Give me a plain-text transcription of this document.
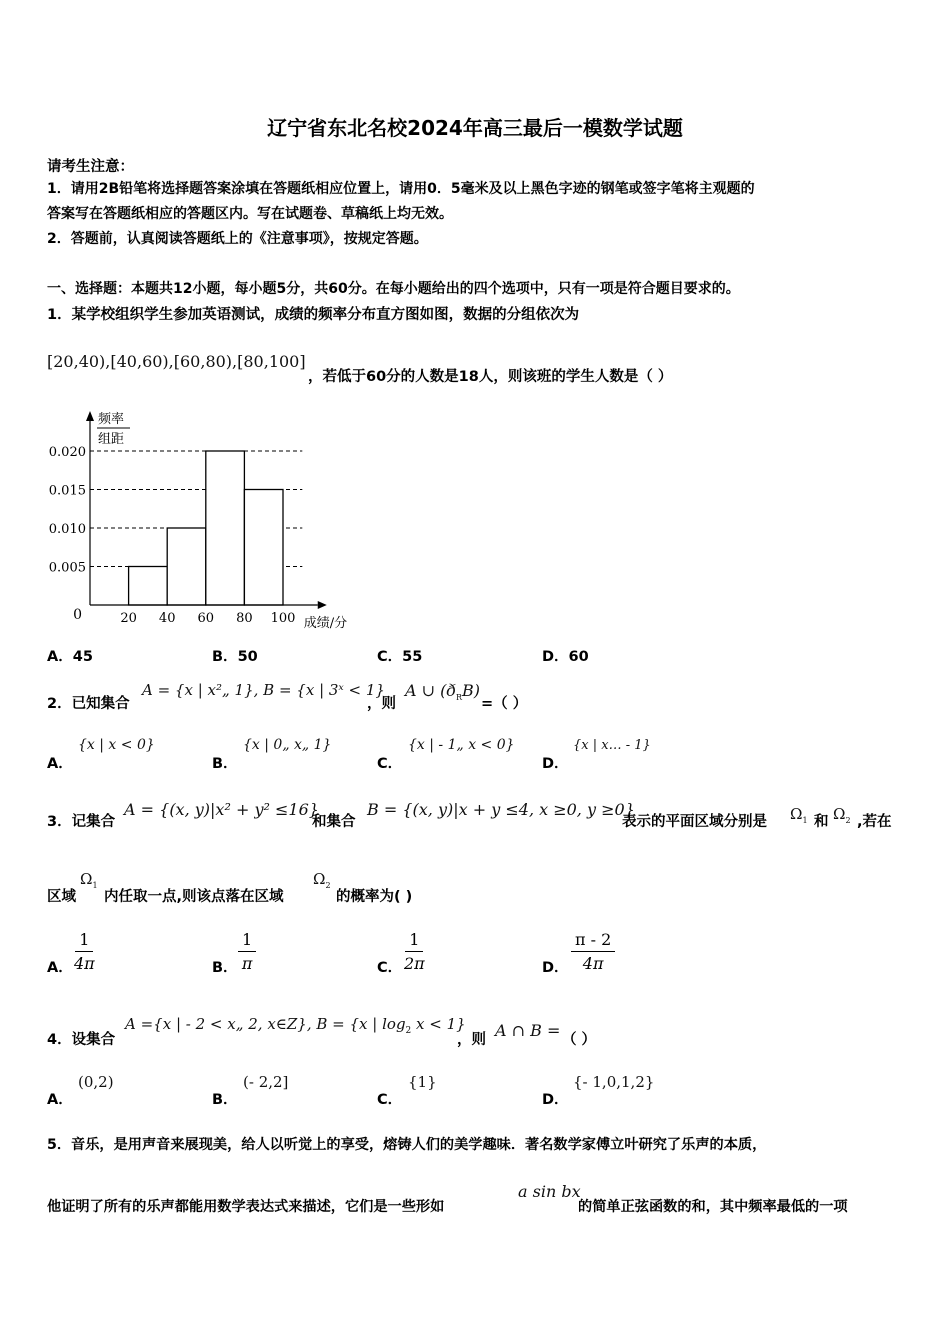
辽宁省东北名校2024年高三最后一模数学试题
请考生注意：
1．请用2B铅笔将选择题答案涂填在答题纸相应位置上，请用0．5毫米及以上黑色字迹的钢笔或签字笔将主观题的
答案写在答题纸相应的答题区内。写在试题卷、草稿纸上均无效。
2．答题前，认真阅读答题纸上的《注意事项》，按规定答题。
一、选择题：本题共12小题，每小题5分，共60分。在每小题给出的四个选项中，只有一项是符合题目要求的。
1．某学校组织学生参加英语测试，成绩的频率分布直方图如图，数据的分组依次为
[20,40),[40,60),[60,80),[80,100]
，若低于60分的人数是18人，则该班的学生人数是（ ）
0.005
0.010
0.015
0.020
20 40 60 80 100
0
成绩/分
频率
组距
A．45	B．50	C．55	D．60
2．已知集合
A = {x | x²„ 1}, B = {x | 3ˣ < 1}
，则
A ∪ $(ð_RB)$
=（ ）
A．
{x | x < 0}
B．
{x | 0„ x„ 1}
C．
{x | - 1„ x < 0}
D．
{x | x… - 1}
3．记集合
A = {(x, y)|x² + y² ≤16}
和集合
B = {(x, y)|x + y ≤4, x ≥0, y ≥0}
表示的平面区域分别是 $\Omega_1$ 和 $\Omega_2$ ,若在
区域
$\Omega_1$
内任取一点,则该点落在区域
$\Omega_2$
的概率为( )
A． $\frac{1}{4\pi}$	B． $\frac{1}{\pi}$	C． $\frac{1}{2\pi}$	D． $\frac{\pi - 2}{4\pi}$
4．设集合
A ={x | - 2 < x„ 2, x∈Z}, B = {x | $\log_2 x < 1$}
，则 A ∩ B = （ ）
A．
(0,2)
B．
(- 2,2]
C．
{1}
D．
{- 1,0,1,2}
5．音乐，是用声音来展现美，给人以听觉上的享受，熔铸人们的美学趣味．著名数学家傅立叶研究了乐声的本质，
他证明了所有的乐声都能用数学表达式来描述，它们是一些形如
a sin bx
的简单正弦函数的和，其中频率最低的一项
